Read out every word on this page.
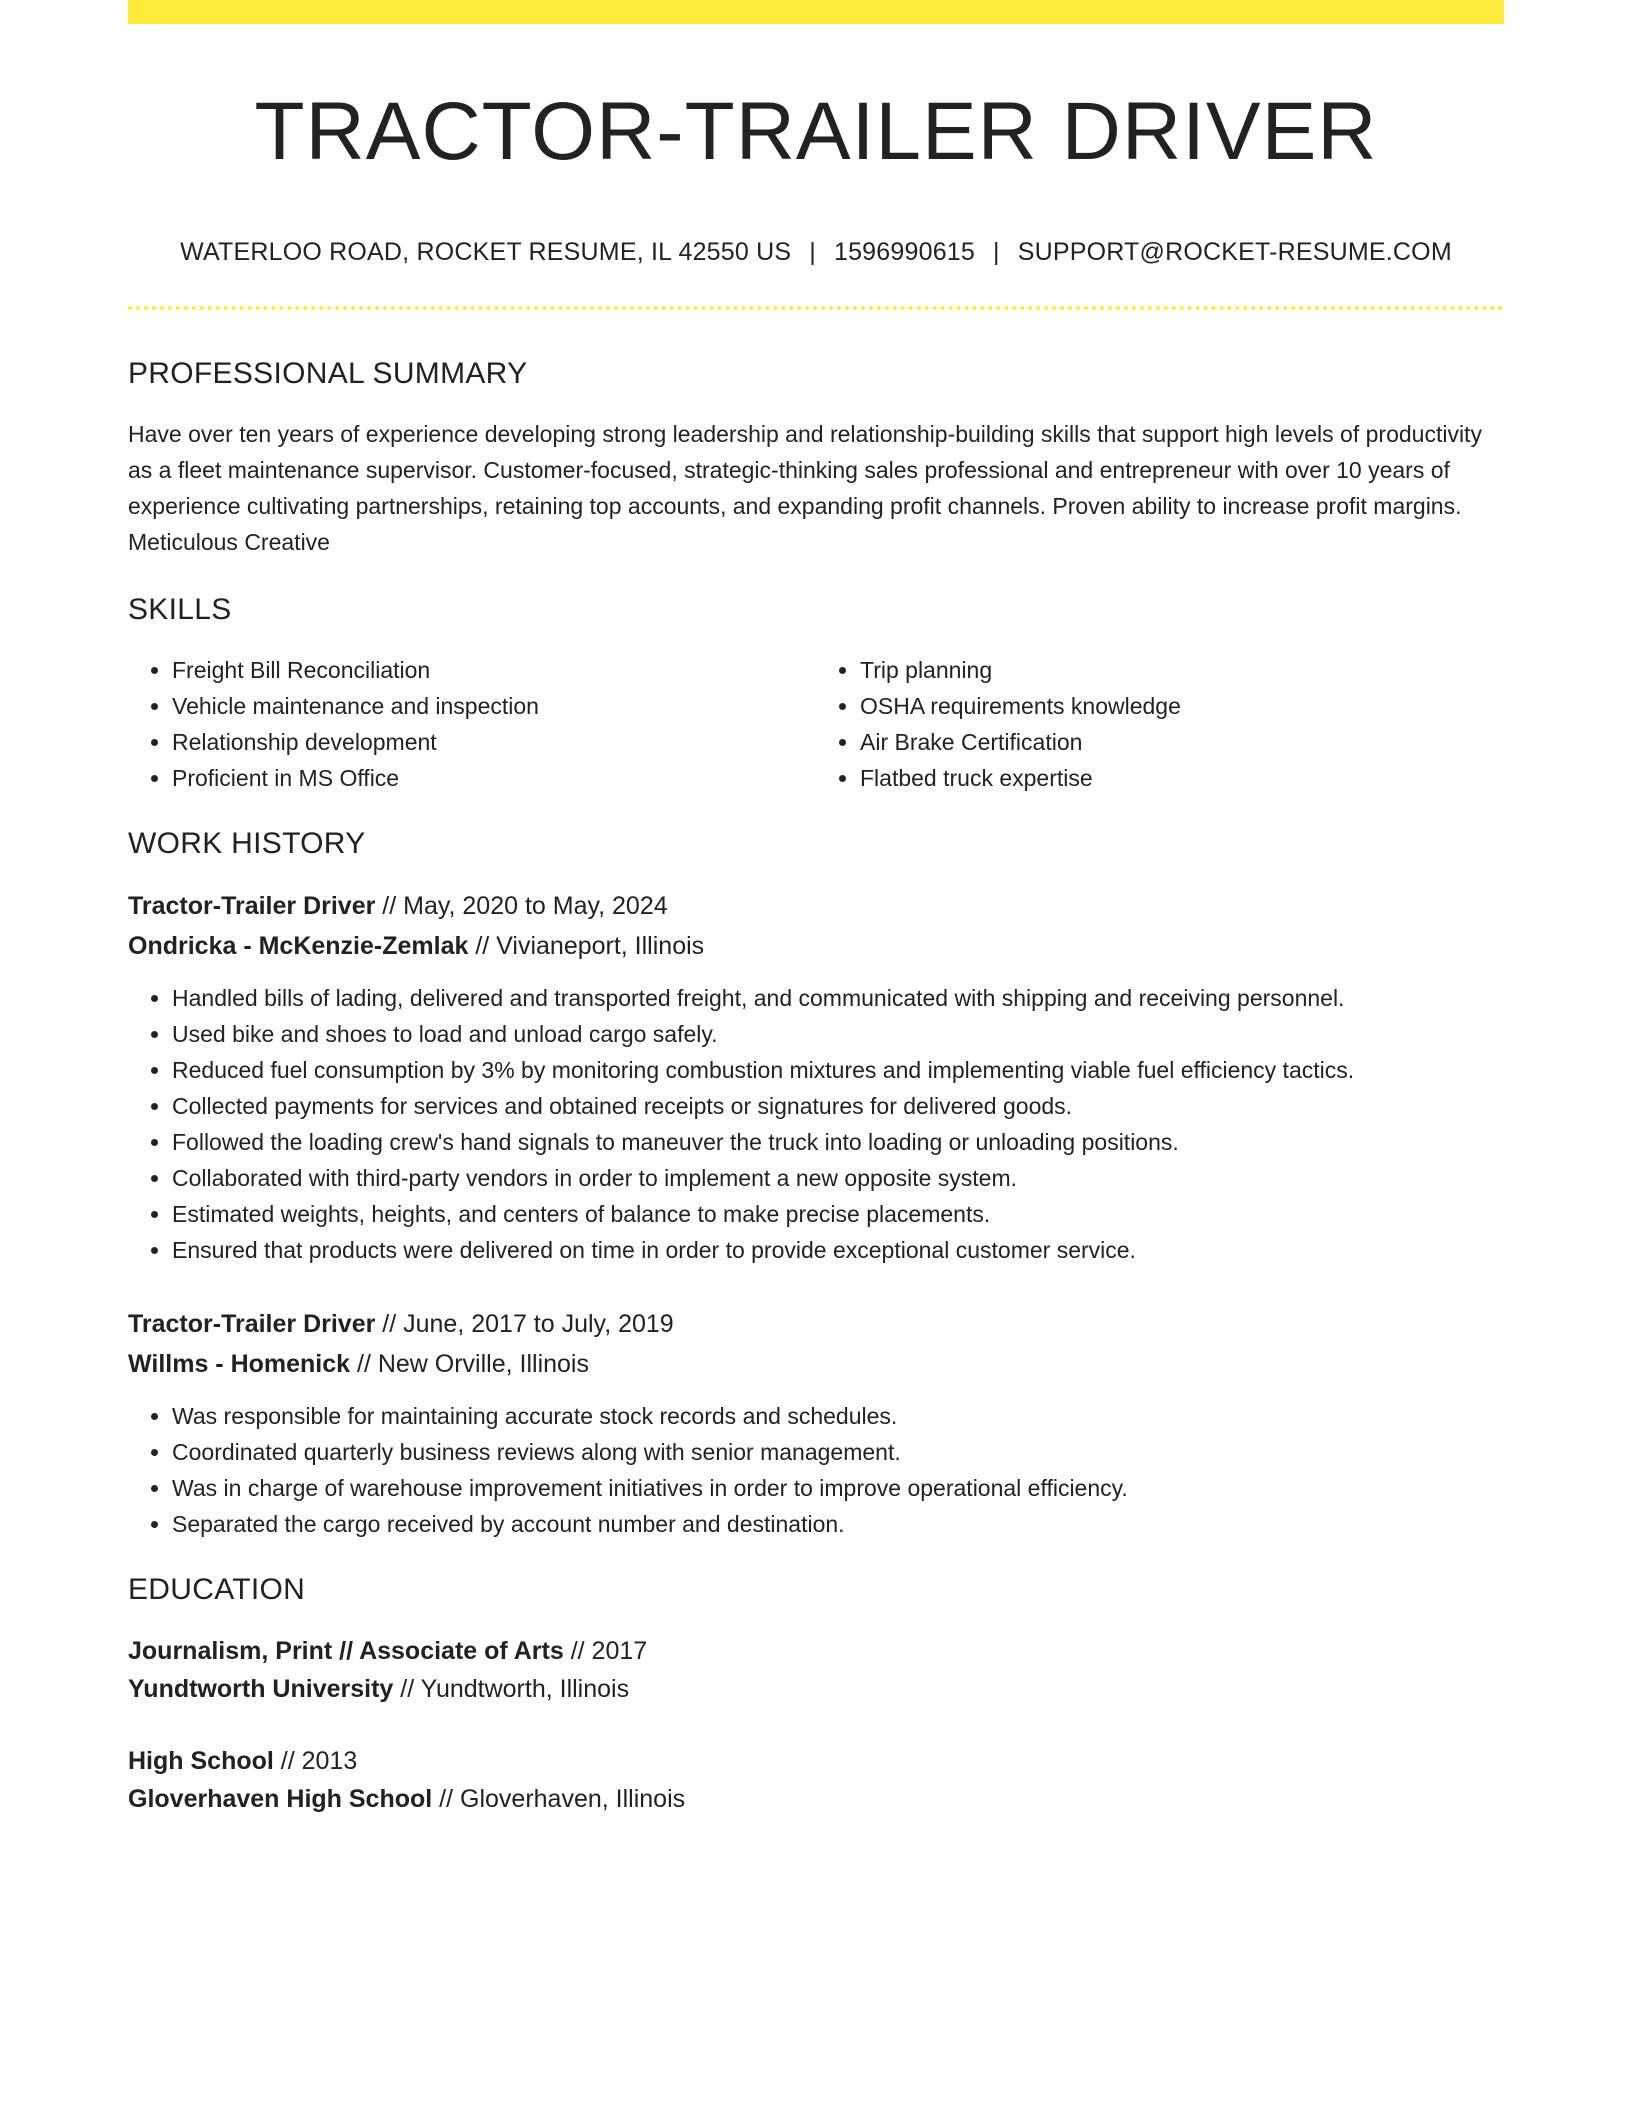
TRACTOR-TRAILER DRIVER
WATERLOO ROAD, ROCKET RESUME, IL 42550 US | 1596990615 | SUPPORT@ROCKET-RESUME.COM
PROFESSIONAL SUMMARY

Have over ten years of experience developing strong leadership and relationship-building skills that support high levels of productivity as a fleet maintenance supervisor. Customer-focused, strategic-thinking sales professional and entrepreneur with over 10 years of experience cultivating partnerships, retaining top accounts, and expanding profit channels. Proven ability to increase profit margins. Meticulous Creative

SKILLS
• Freight Bill Reconciliation
• Vehicle maintenance and inspection
• Relationship development
• Proficient in MS Office
• Trip planning
• OSHA requirements knowledge
• Air Brake Certification
• Flatbed truck expertise
WORK HISTORY
Tractor-Trailer Driver // May, 2020 to May, 2024
Ondricka - McKenzie-Zemlak // Vivianeport, Illinois
• Handled bills of lading, delivered and transported freight, and communicated with shipping and receiving personnel.
• Used bike and shoes to load and unload cargo safely.
• Reduced fuel consumption by 3% by monitoring combustion mixtures and implementing viable fuel efficiency tactics.
• Collected payments for services and obtained receipts or signatures for delivered goods.
• Followed the loading crew's hand signals to maneuver the truck into loading or unloading positions.
• Collaborated with third-party vendors in order to implement a new opposite system.
• Estimated weights, heights, and centers of balance to make precise placements.
• Ensured that products were delivered on time in order to provide exceptional customer service.
Tractor-Trailer Driver // June, 2017 to July, 2019
Willms - Homenick // New Orville, Illinois
• Was responsible for maintaining accurate stock records and schedules.
• Coordinated quarterly business reviews along with senior management.
• Was in charge of warehouse improvement initiatives in order to improve operational efficiency.
• Separated the cargo received by account number and destination.
EDUCATION
Journalism, Print // Associate of Arts // 2017
Yundtworth University // Yundtworth, Illinois
High School // 2013
Gloverhaven High School // Gloverhaven, Illinois
